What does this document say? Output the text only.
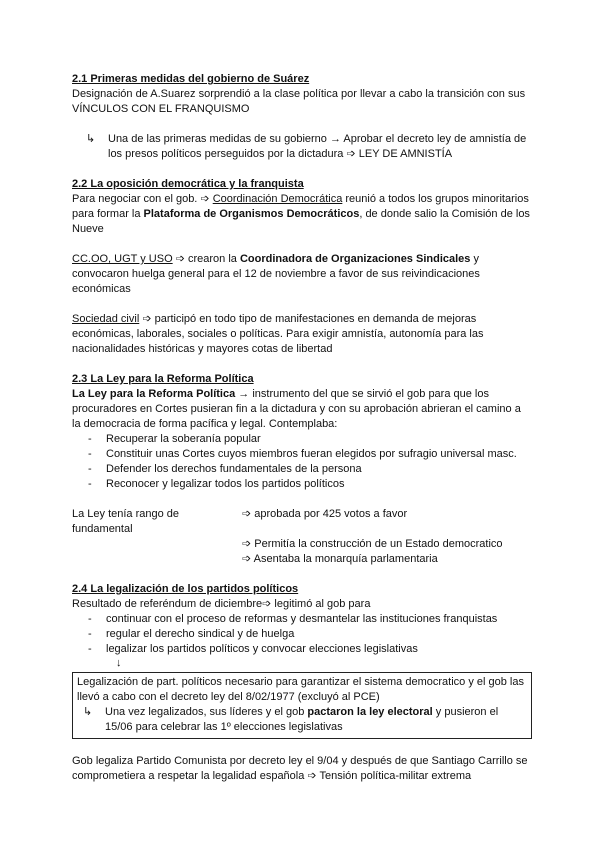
2.1 Primeras medidas del gobierno de Suárez

Designación de A.Suarez sorprendió a la clase política por llevar a cabo la transición con sus VÍNCULOS CON EL FRANQUISMO

↳	Una de las primeras medidas de su gobierno → Aprobar el decreto ley de amnistía de los presos políticos perseguidos por la dictadura ➩ LEY DE AMNISTÍA

2.2 La oposición democrática y la franquista

Para negociar con el gob. ➩ Coordinación Democrática reunió a todos los grupos minoritarios para formar la Plataforma de Organismos Democráticos, de donde salio la Comisión de los Nueve

CC.OO, UGT y USO ➩ crearon la Coordinadora de Organizaciones Sindicales y convocaron huelga general para el 12 de noviembre a favor de sus reivindicaciones económicas

Sociedad civil ➩ participó en todo tipo de manifestaciones en demanda de mejoras económicas, laborales, sociales o políticas. Para exigir amnistía, autonomía para las nacionalidades históricas y mayores cotas de libertad

2.3 La Ley para la Reforma Política

La Ley para la Reforma Política → instrumento del que se sirvió el gob para que los procuradores en Cortes pusieran fin a la dictadura y con su aprobación abrieran el camino a la democracia de forma pacífica y legal. Contemplaba:

-	Recuperar la soberanía popular
-	Constituir unas Cortes cuyos miembros fueran elegidos por sufragio universal masc.
-	Defender los derechos fundamentales de la persona
-	Reconocer y legalizar todos los partidos políticos
La Ley tenía rango de fundamental
➩ aprobada por 425 votos a favor
➩ Permitía la construcción de un Estado democratico
➩ Asentaba la monarquía parlamentaria

2.4 La legalización de los partidos políticos

Resultado de referéndum de diciembre➩ legitimó al gob para

-	continuar con el proceso de reformas y desmantelar las instituciones franquistas
-	regular el derecho sindical y de huelga
-	legalizar los partidos políticos y convocar elecciones legislativas
↓

Legalización de part. políticos necesario para garantizar el sistema democratico y el gob las llevó a cabo con el decreto ley del 8/02/1977 (excluyó al PCE)

↳	Una vez legalizados, sus líderes y el gob pactaron la ley electoral y pusieron el 15/06 para celebrar las 1º elecciones legislativas

Gob legaliza Partido Comunista por decreto ley el 9/04 y después de que Santiago Carrillo se comprometiera a respetar la legalidad española ➩ Tensión política-militar extrema
